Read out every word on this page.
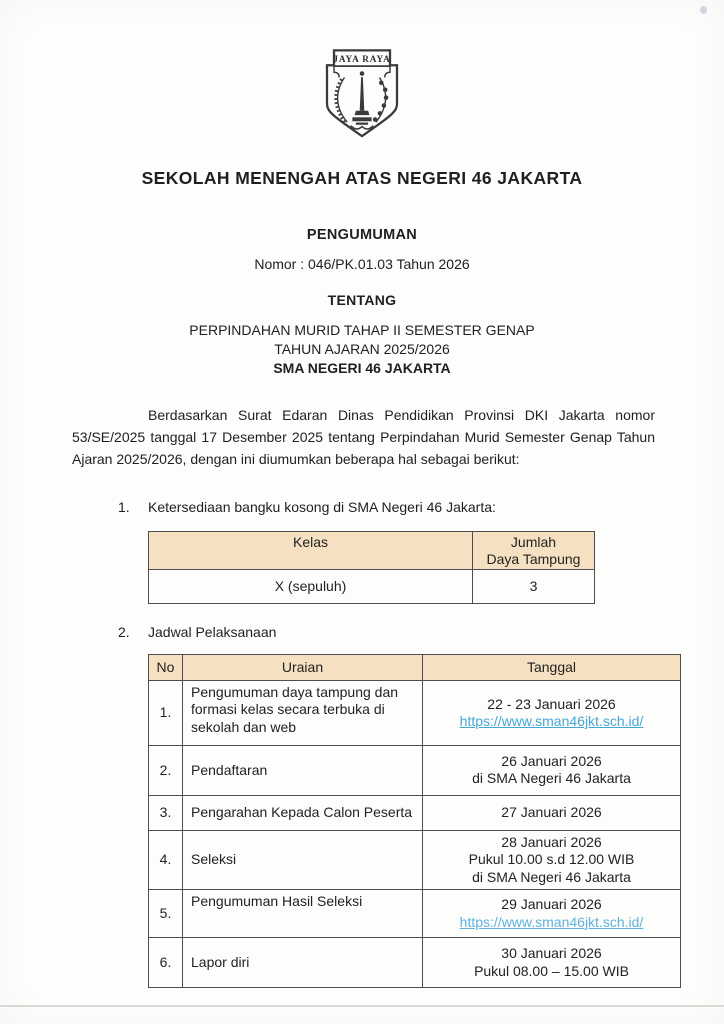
JAYA RAYA
SEKOLAH MENENGAH ATAS NEGERI 46 JAKARTA
PENGUMUMAN
Nomor : 046/PK.01.03 Tahun 2026
TENTANG
PERPINDAHAN MURID TAHAP II SEMESTER GENAP
TAHUN AJARAN 2025/2026
SMA NEGERI 46 JAKARTA

Berdasarkan Surat Edaran Dinas Pendidikan Provinsi DKI Jakarta nomor 53/SE/2025 tanggal 17 Desember 2025 tentang Perpindahan Murid Semester Genap Tahun Ajaran 2025/2026, dengan ini diumumkan beberapa hal sebagai berikut:

1.	Ketersediaan bangku kosong di SMA Negeri 46 Jakarta:
Kelas	Jumlah
Daya Tampung

X (sepuluh)	3
2.	Jadwal Pelaksanaan
No	Uraian	Tanggal
1.	Pengumuman daya tampung dan formasi kelas secara terbuka di sekolah dan web	22 - 23 Januari 2026
https://www.sman46jkt.sch.id/

2.	Pendaftaran	26 Januari 2026
di SMA Negeri 46 Jakarta

3.	Pengarahan Kepada Calon Peserta	27 Januari 2026

4.	Seleksi	28 Januari 2026
Pukul 10.00 s.d 12.00 WIB
di SMA Negeri 46 Jakarta

5.	Pengumuman Hasil Seleksi	29 Januari 2026
https://www.sman46jkt.sch.id/

6.	Lapor diri	30 Januari 2026
Pukul 08.00 – 15.00 WIB
